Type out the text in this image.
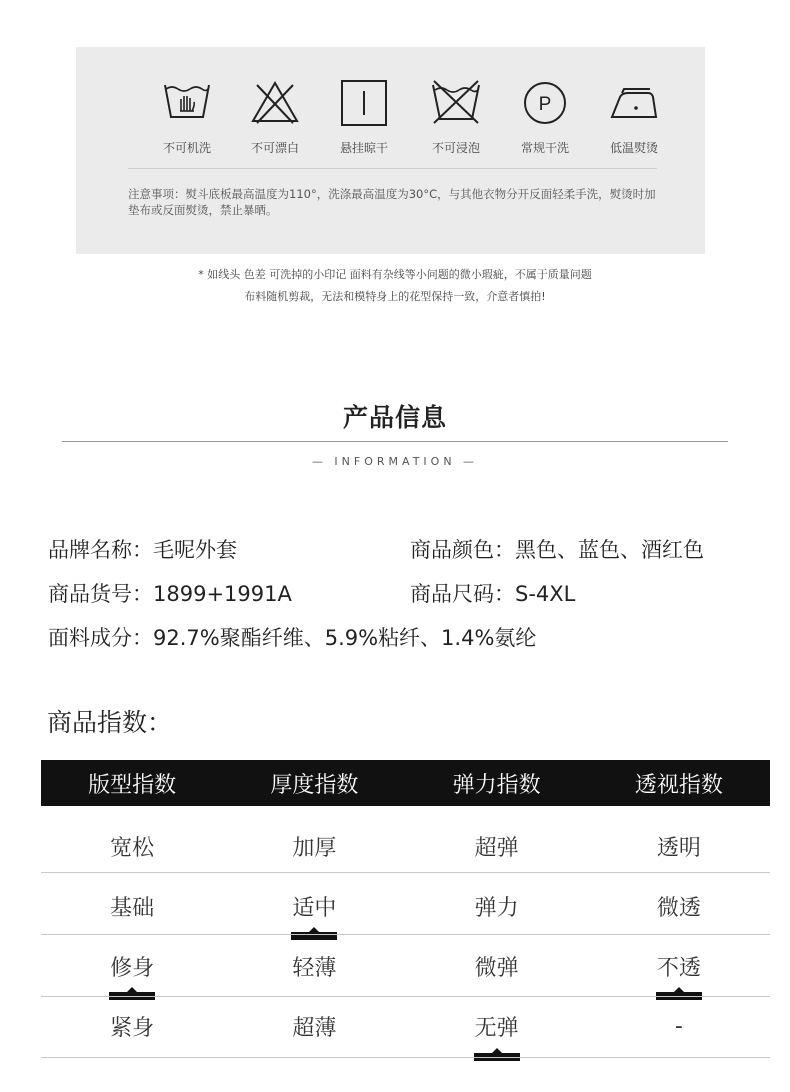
不可机洗	不可漂白	悬挂晾干	不可浸泡
P
常规干洗	低温熨烫

注意事项：熨斗底板最高温度为110°，洗涤最高温度为30°C，与其他衣物分开反面轻柔手洗，熨烫时加垫布或反面熨烫，禁止暴晒。

* 如线头 色差 可洗掉的小印记 面料有杂线等小问题的微小瑕疵，不属于质量问题

布料随机剪裁，无法和模特身上的花型保持一致，介意者慎拍!

产品信息

— INFORMATION —

品牌名称：毛呢外套	商品颜色：黑色、蓝色、酒红色
商品货号：1899+1991A	商品尺码：S-4XL
面料成分：92.7%聚酯纤维、5.9%粘纤、1.4%氨纶

商品指数：

版型指数	厚度指数	弹力指数	透视指数
宽松	加厚	超弹	透明
基础	适中	弹力	微透
修身	轻薄	微弹	不透
紧身	超薄	无弹	-
